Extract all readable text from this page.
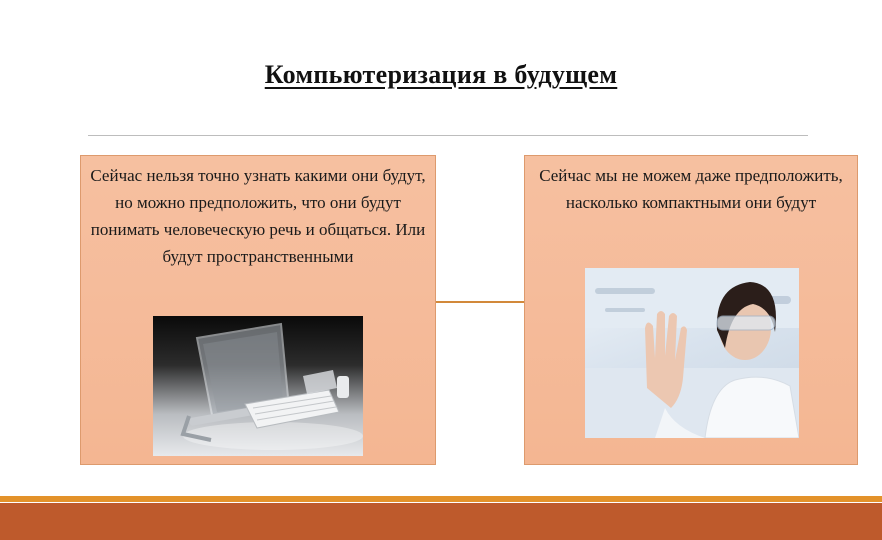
Компьютеризация в будущем
Сейчас нельзя точно узнать какими они будут, но можно предположить, что они будут понимать человеческую речь и общаться. Или будут пространственными
Сейчас мы не можем даже предположить, насколько компактными они будут
